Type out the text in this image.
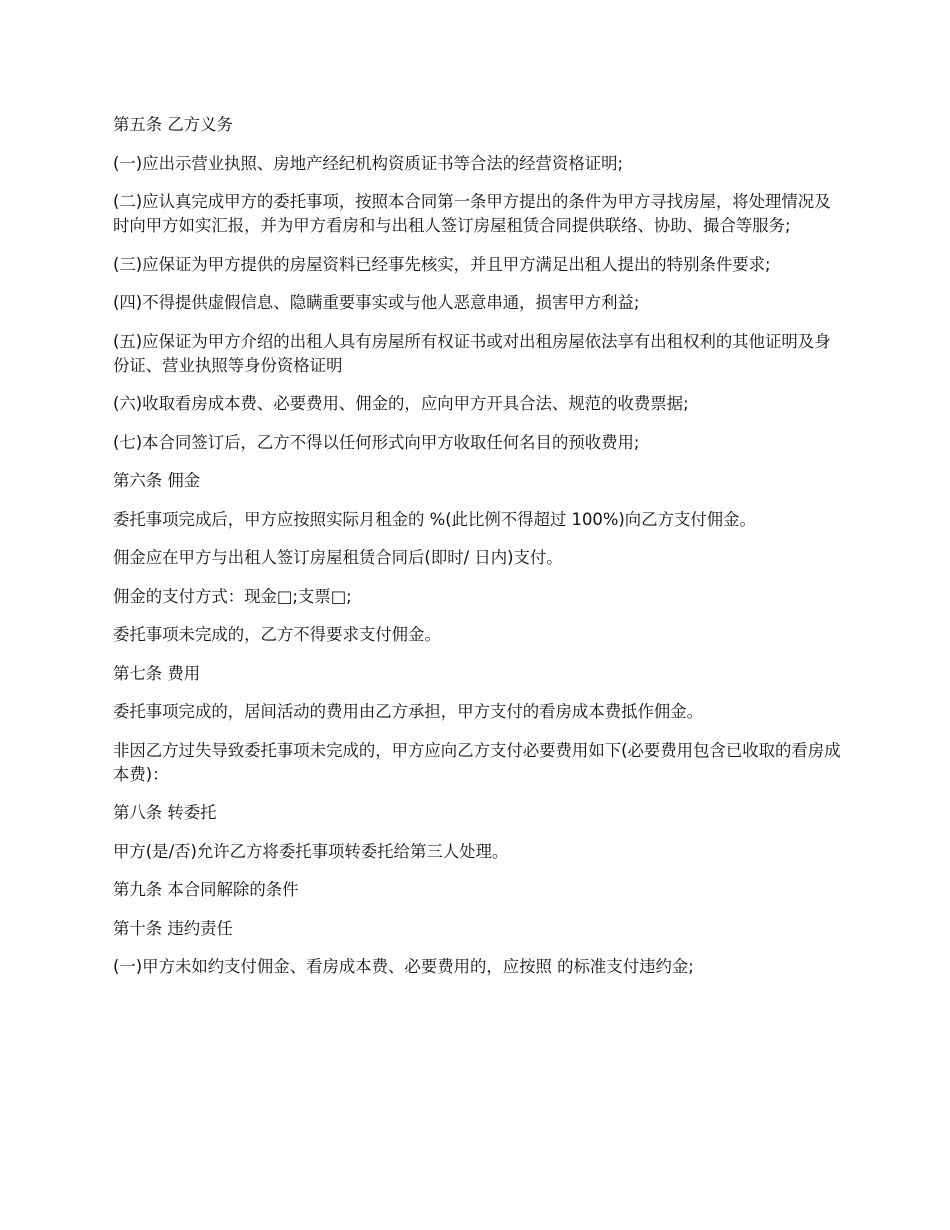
第五条 乙方义务

(一)应出示营业执照、房地产经纪机构资质证书等合法的经营资格证明;

(二)应认真完成甲方的委托事项，按照本合同第一条甲方提出的条件为甲方寻找房屋，将处理情况及时向甲方如实汇报，并为甲方看房和与出租人签订房屋租赁合同提供联络、协助、撮合等服务;

(三)应保证为甲方提供的房屋资料已经事先核实，并且甲方满足出租人提出的特别条件要求;

(四)不得提供虚假信息、隐瞒重要事实或与他人恶意串通，损害甲方利益;

(五)应保证为甲方介绍的出租人具有房屋所有权证书或对出租房屋依法享有出租权利的其他证明及身份证、营业执照等身份资格证明

(六)收取看房成本费、必要费用、佣金的，应向甲方开具合法、规范的收费票据;

(七)本合同签订后，乙方不得以任何形式向甲方收取任何名目的预收费用;

第六条 佣金

委托事项完成后，甲方应按照实际月租金的 %(此比例不得超过 100%)向乙方支付佣金。

佣金应在甲方与出租人签订房屋租赁合同后(即时/ 日内)支付。

佣金的支付方式：现金□;支票□;

委托事项未完成的，乙方不得要求支付佣金。

第七条 费用

委托事项完成的，居间活动的费用由乙方承担，甲方支付的看房成本费抵作佣金。

非因乙方过失导致委托事项未完成的，甲方应向乙方支付必要费用如下(必要费用包含已收取的看房成本费)：

第八条 转委托

甲方(是/否)允许乙方将委托事项转委托给第三人处理。

第九条 本合同解除的条件

第十条 违约责任

(一)甲方未如约支付佣金、看房成本费、必要费用的，应按照 的标准支付违约金;
